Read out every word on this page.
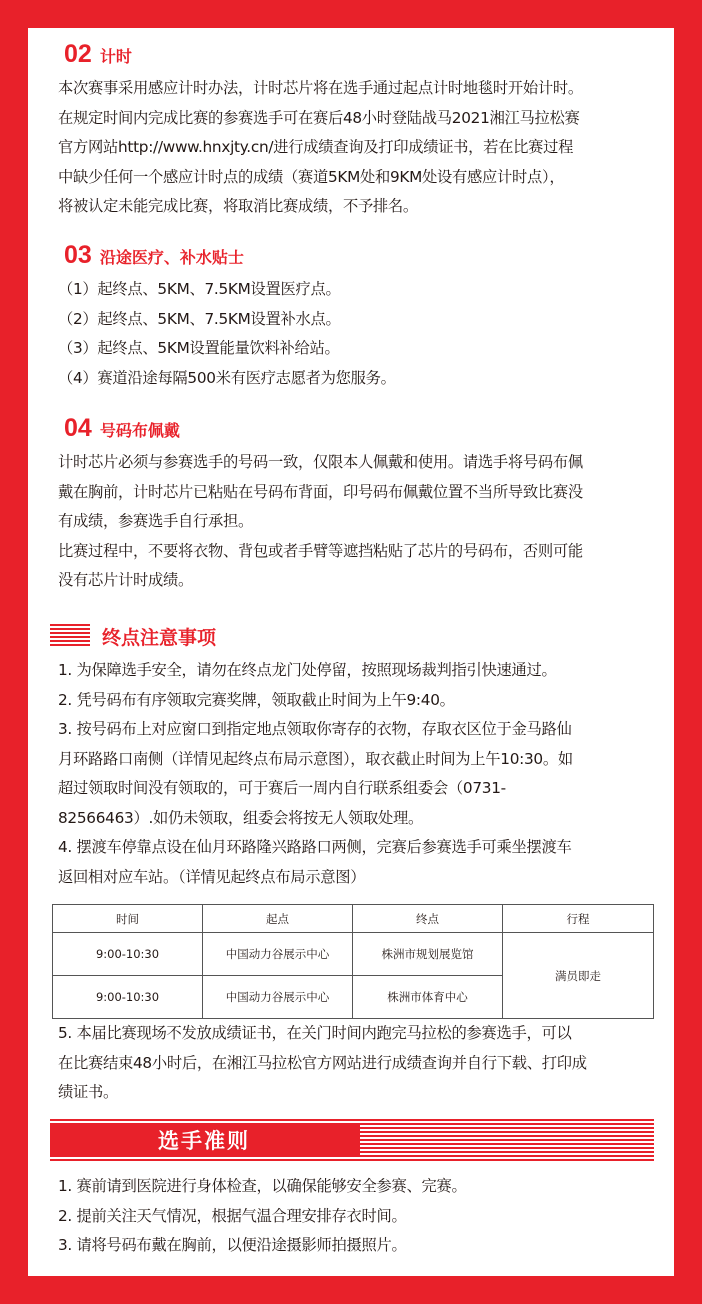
02 计时
本次赛事采用感应计时办法，计时芯片将在选手通过起点计时地毯时开始计时。
在规定时间内完成比赛的参赛选手可在赛后48小时登陆战马2021湘江马拉松赛
官方网站http://www.hnxjty.cn/进行成绩查询及打印成绩证书，若在比赛过程
中缺少任何一个感应计时点的成绩（赛道5KM处和9KM处设有感应计时点），
将被认定未能完成比赛，将取消比赛成绩，不予排名。
03 沿途医疗、补水贴士
（1）起终点、5KM、7.5KM设置医疗点。
（2）起终点、5KM、7.5KM设置补水点。
（3）起终点、5KM设置能量饮料补给站。
（4）赛道沿途每隔500米有医疗志愿者为您服务。
04 号码布佩戴
计时芯片必须与参赛选手的号码一致，仅限本人佩戴和使用。请选手将号码布佩
戴在胸前，计时芯片已粘贴在号码布背面，印号码布佩戴位置不当所导致比赛没
有成绩，参赛选手自行承担。
比赛过程中，不要将衣物、背包或者手臂等遮挡粘贴了芯片的号码布，否则可能
没有芯片计时成绩。
终点注意事项
1. 为保障选手安全，请勿在终点龙门处停留，按照现场裁判指引快速通过。
2. 凭号码布有序领取完赛奖牌，领取截止时间为上午9:40。
3. 按号码布上对应窗口到指定地点领取你寄存的衣物，存取衣区位于金马路仙
月环路路口南侧（详情见起终点布局示意图），取衣截止时间为上午10:30。如
超过领取时间没有领取的，可于赛后一周内自行联系组委会（0731-
82566463）.如仍未领取，组委会将按无人领取处理。
4. 摆渡车停靠点设在仙月环路隆兴路路口两侧，完赛后参赛选手可乘坐摆渡车
返回相对应车站。（详情见起终点布局示意图）
时间	起点	终点	行程
9:00-10:30	中国动力谷展示中心	株洲市规划展览馆	满员即走
9:00-10:30	中国动力谷展示中心	株洲市体育中心	
5. 本届比赛现场不发放成绩证书，在关门时间内跑完马拉松的参赛选手，可以
在比赛结束48小时后，在湘江马拉松官方网站进行成绩查询并自行下载、打印成
绩证书。
选手准则
1. 赛前请到医院进行身体检查，以确保能够安全参赛、完赛。
2. 提前关注天气情况，根据气温合理安排存衣时间。
3. 请将号码布戴在胸前，以便沿途摄影师拍摄照片。
